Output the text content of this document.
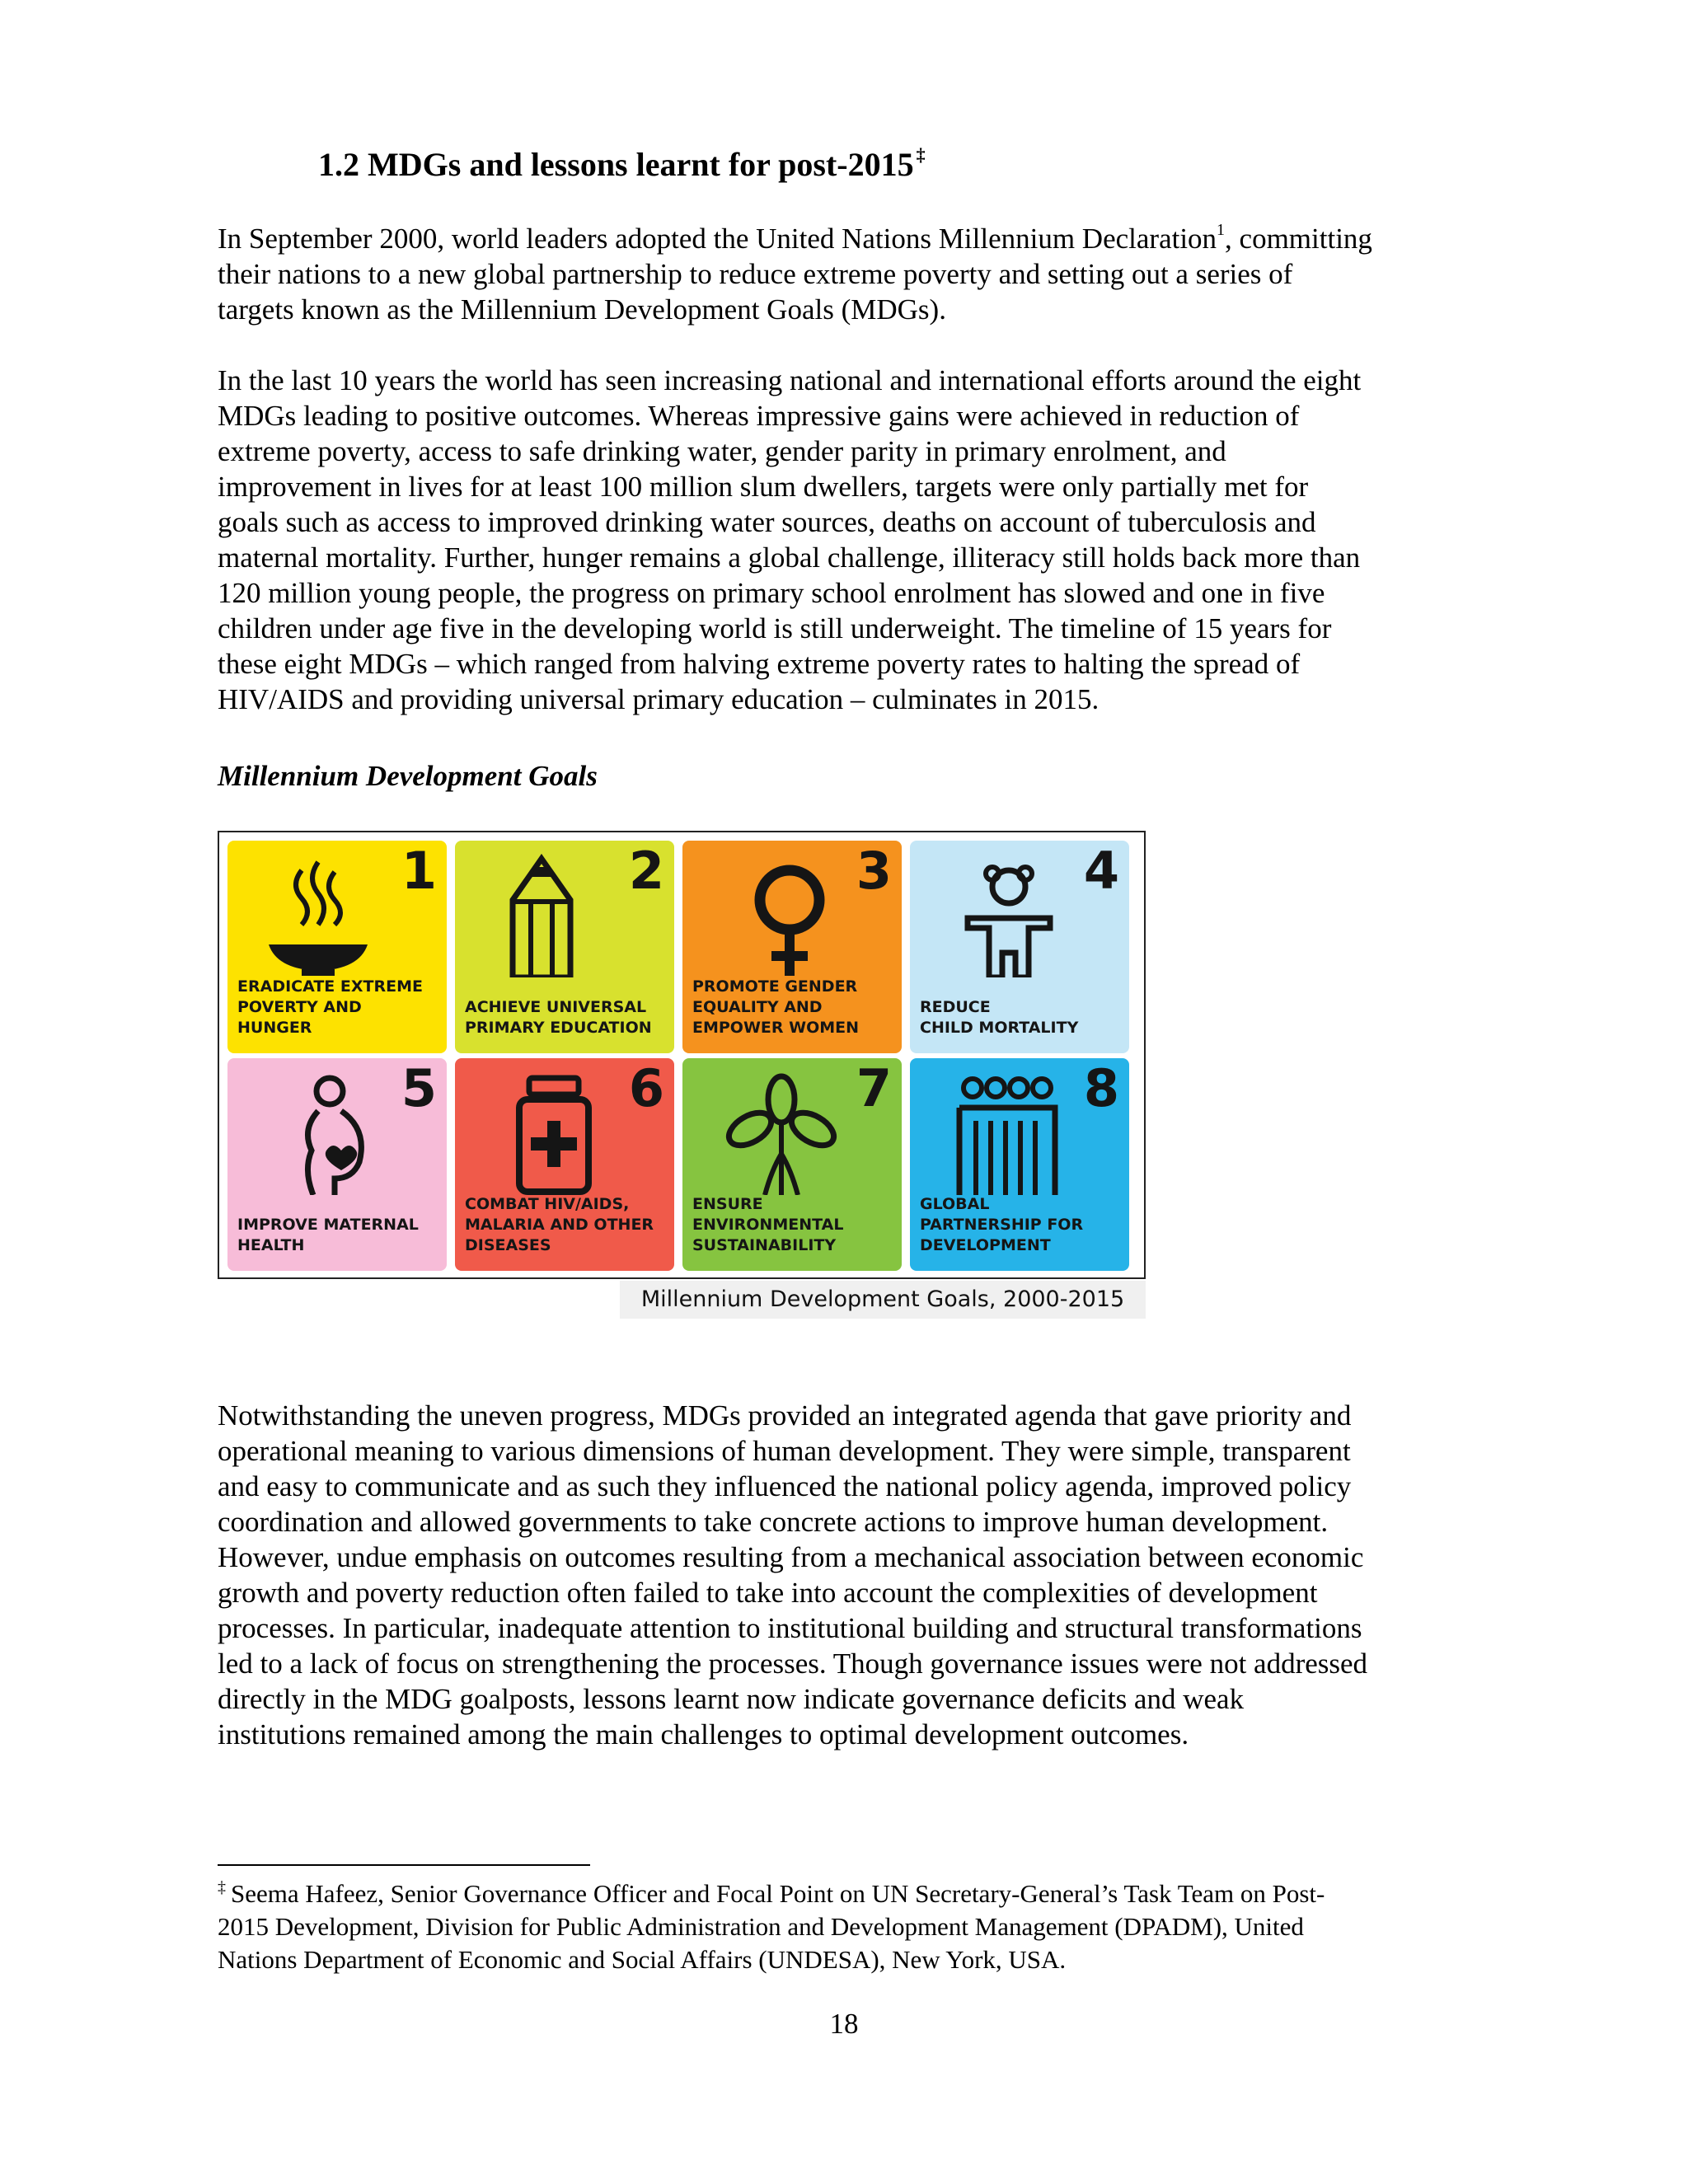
1.2 MDGs and lessons learnt for post-2015 ‡
In September 2000, world leaders adopted the United Nations Millennium Declaration$^1$, committing
their nations to a new global partnership to reduce extreme poverty and setting out a series of
targets known as the Millennium Development Goals (MDGs).
In the last 10 years the world has seen increasing national and international efforts around the eight
MDGs leading to positive outcomes. Whereas impressive gains were achieved in reduction of
extreme poverty, access to safe drinking water, gender parity in primary enrolment, and
improvement in lives for at least 100 million slum dwellers, targets were only partially met for
goals such as access to improved drinking water sources, deaths on account of tuberculosis and
maternal mortality. Further, hunger remains a global challenge, illiteracy still holds back more than
120 million young people, the progress on primary school enrolment has slowed and one in five
children under age five in the developing world is still underweight. The timeline of 15 years for
these eight MDGs – which ranged from halving extreme poverty rates to halting the spread of
HIV/AIDS and providing universal primary education – culminates in 2015.
Millennium Development Goals
1
ERADICATE EXTREME
POVERTY AND HUNGER
2
ACHIEVE UNIVERSAL
PRIMARY EDUCATION
3
PROMOTE GENDER
EQUALITY AND
EMPOWER WOMEN
4
REDUCE
CHILD MORTALITY
5
IMPROVE MATERNAL
HEALTH
6
COMBAT HIV/AIDS,
MALARIA AND OTHER
DISEASES
7
ENSURE
ENVIRONMENTAL
SUSTAINABILITY
8
GLOBAL
PARTNERSHIP FOR
DEVELOPMENT
Millennium Development Goals, 2000-2015
Notwithstanding the uneven progress, MDGs provided an integrated agenda that gave priority and
operational meaning to various dimensions of human development. They were simple, transparent
and easy to communicate and as such they influenced the national policy agenda, improved policy
coordination and allowed governments to take concrete actions to improve human development.
However, undue emphasis on outcomes resulting from a mechanical association between economic
growth and poverty reduction often failed to take into account the complexities of development
processes. In particular, inadequate attention to institutional building and structural transformations
led to a lack of focus on strengthening the processes. Though governance issues were not addressed
directly in the MDG goalposts, lessons learnt now indicate governance deficits and weak
institutions remained among the main challenges to optimal development outcomes.
‡ Seema Hafeez, Senior Governance Officer and Focal Point on UN Secretary-General’s Task Team on Post-
2015 Development, Division for Public Administration and Development Management (DPADM), United
Nations Department of Economic and Social Affairs (UNDESA), New York, USA.
18
